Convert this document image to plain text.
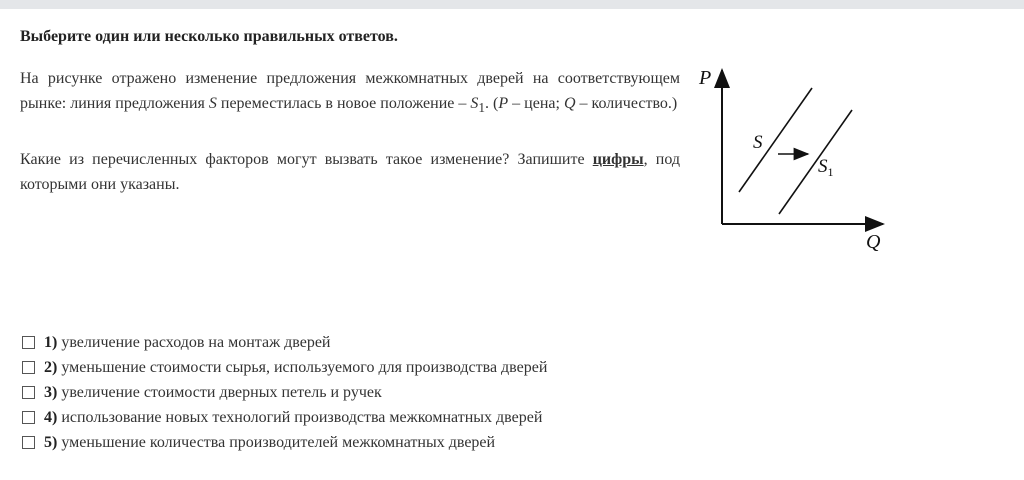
Выберите один или несколько правильных ответов.

На рисунке отражено изменение предложения межкомнатных дверей на соответствующем рынке: линия предложения S переместилась в новое положение – $S_1$. (P – цена; Q – количество.)

Какие из перечисленных факторов могут вызвать такое изменение? Запишите цифры, под которыми они указаны.

P
Q
S
$S_1$
1) увеличение расходов на монтаж дверей
2) уменьшение стоимости сырья, используемого для производства дверей
3) увеличение стоимости дверных петель и ручек
4) использование новых технологий производства межкомнатных дверей
5) уменьшение количества производителей межкомнатных дверей
